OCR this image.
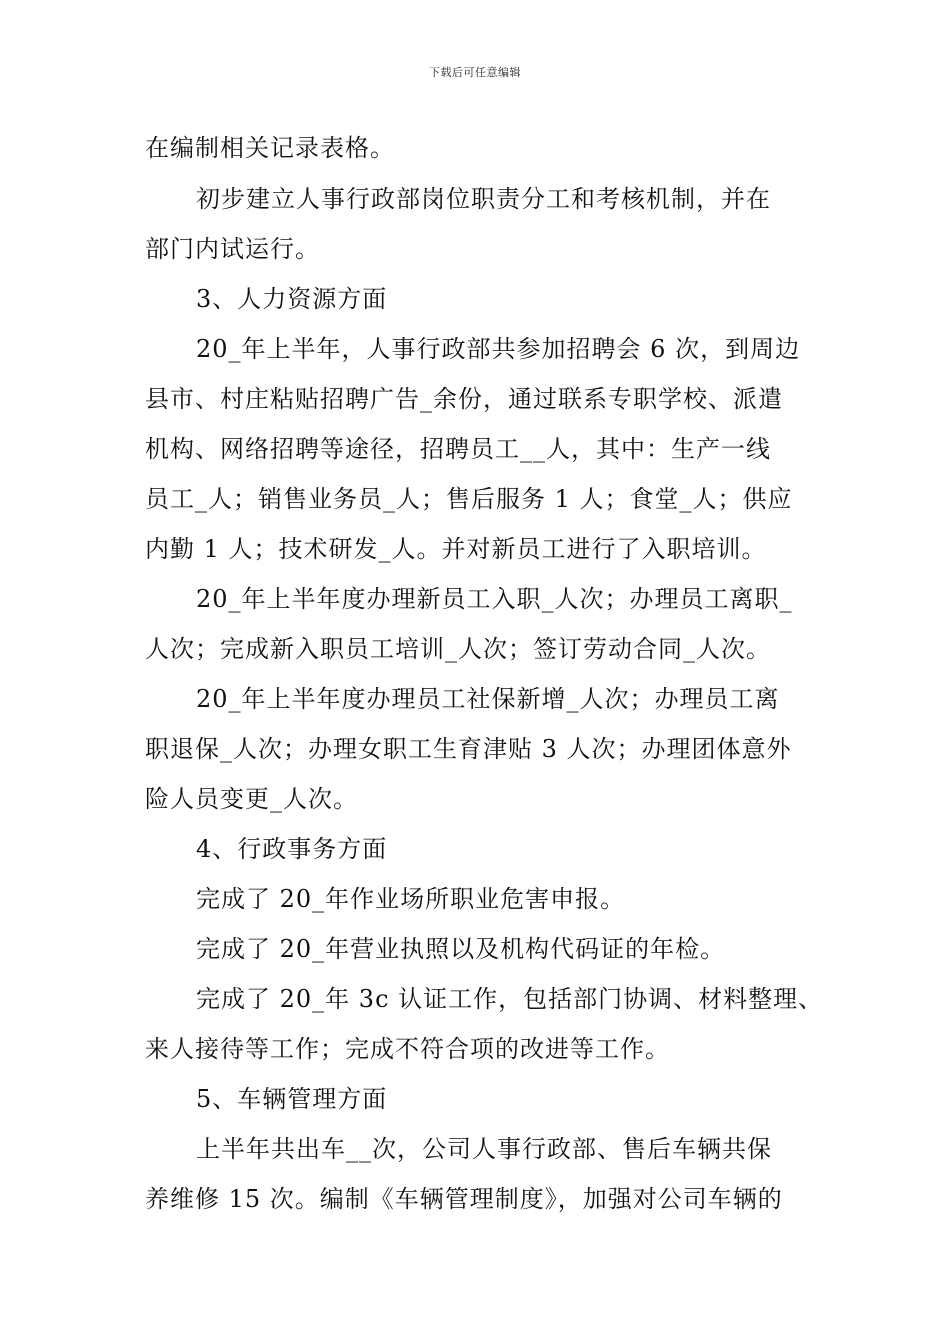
下载后可任意编辑
在编制相关记录表格。
初步建立人事行政部岗位职责分工和考核机制，并在
部门内试运行。
3、人力资源方面
20_年上半年，人事行政部共参加招聘会 6 次，到周边
县市、村庄粘贴招聘广告_余份，通过联系专职学校、派遣
机构、网络招聘等途径，招聘员工__人，其中：生产一线
员工_人；销售业务员_人；售后服务 1 人；食堂_人；供应
内勤 1 人；技术研发_人。并对新员工进行了入职培训。
20_年上半年度办理新员工入职_人次；办理员工离职_
人次；完成新入职员工培训_人次；签订劳动合同_人次。
20_年上半年度办理员工社保新增_人次；办理员工离
职退保_人次；办理女职工生育津贴 3 人次；办理团体意外
险人员变更_人次。
4、行政事务方面
完成了 20_年作业场所职业危害申报。
完成了 20_年营业执照以及机构代码证的年检。
完成了 20_年 3c 认证工作，包括部门协调、材料整理、
来人接待等工作；完成不符合项的改进等工作。
5、车辆管理方面
上半年共出车__次，公司人事行政部、售后车辆共保
养维修 15 次。编制《车辆管理制度》，加强对公司车辆的
